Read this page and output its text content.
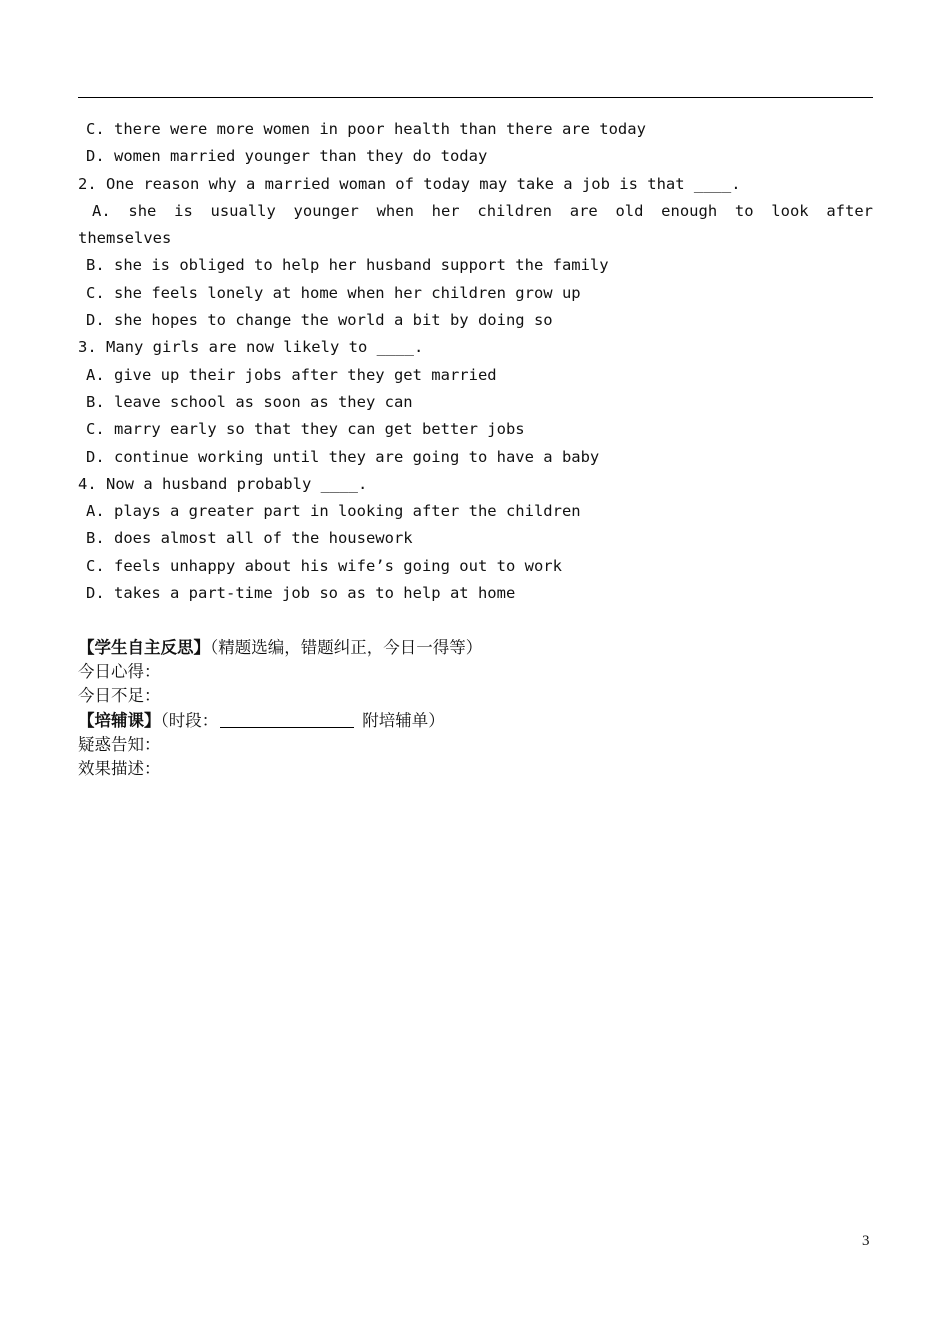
C. there were more women in poor health than there are today
D. women married younger than they do today
2. One reason why a married woman of today may take a job is that ____.
A. she is usually younger when her children are old enough to look after
themselves
B. she is obliged to help her husband support the family
C. she feels lonely at home when her children grow up
D. she hopes to change the world a bit by doing so
3. Many girls are now likely to ____.
A. give up their jobs after they get married
B. leave school as soon as they can
C. marry early so that they can get better jobs
D. continue working until they are going to have a baby
4. Now a husband probably ____.
A. plays a greater part in looking after the children
B. does almost all of the housework
C. feels unhappy about his wife’s going out to work
D. takes a part-time job so as to help at home
【学生自主反思】（精题选编，错题纠正，今日一得等）
今日心得：
今日不足：
【培辅课】（时段：	附培辅单）
疑惑告知：
效果描述：
3
